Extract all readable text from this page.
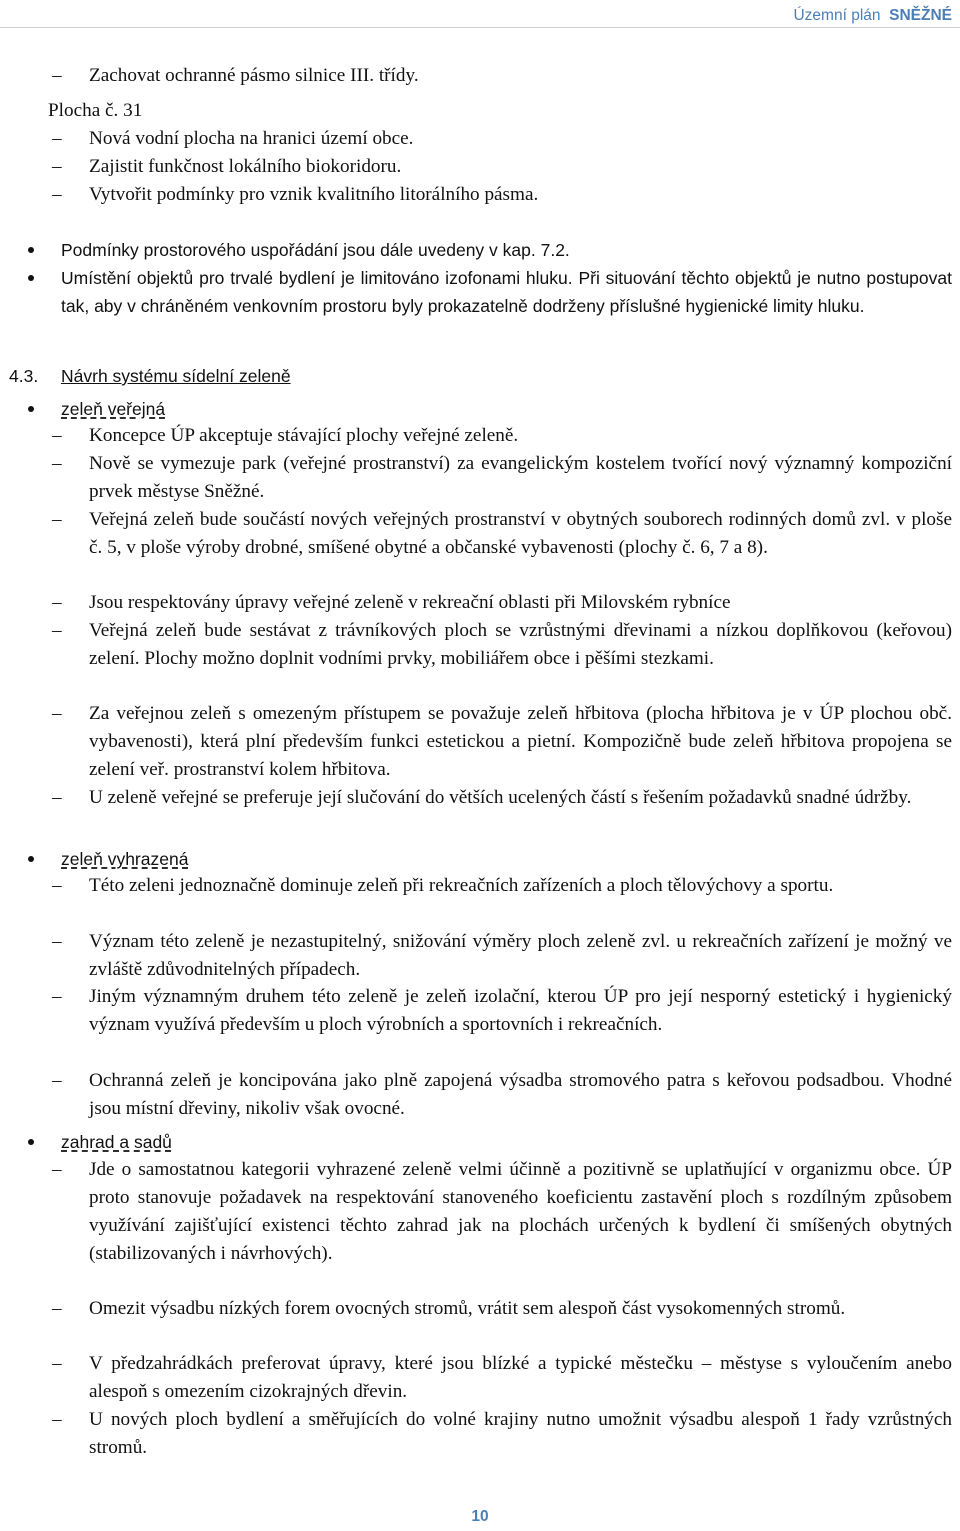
Územní plán SNĚŽNÉ
– Zachovat ochranné pásmo silnice III. třídy.
Plocha č. 31
– Nová vodní plocha na hranici území obce.
– Zajistit funkčnost lokálního biokoridoru.
– Vytvořit podmínky pro vznik kvalitního litorálního pásma.
Podmínky prostorového uspořádání jsou dále uvedeny v kap. 7.2.
Umístění objektů pro trvalé bydlení je limitováno izofonami hluku. Při situování těchto objektů je nutno postupovat tak, aby v chráněném venkovním prostoru byly prokazatelně dodrženy příslušné hygienické limity hluku.
4.3. Návrh systému sídelní zeleně
zeleň veřejná
– Koncepce ÚP akceptuje stávající plochy veřejné zeleně.
– Nově se vymezuje park (veřejné prostranství) za evangelickým kostelem tvořící nový významný kompoziční prvek městyse Sněžné.
– Veřejná zeleň bude součástí nových veřejných prostranství v obytných souborech rodinných domů zvl. v ploše č. 5, v ploše výroby drobné, smíšené obytné a občanské vybavenosti (plochy č. 6, 7 a 8).
– Jsou respektovány úpravy veřejné zeleně v rekreační oblasti při Milovském rybníce
– Veřejná zeleň bude sestávat z trávníkových ploch se vzrůstnými dřevinami a nízkou doplňkovou (keřovou) zelení. Plochy možno doplnit vodními prvky, mobiliářem obce i pěšími stezkami.
– Za veřejnou zeleň s omezeným přístupem se považuje zeleň hřbitova (plocha hřbitova je v ÚP plochou obč. vybavenosti), která plní především funkci estetickou a pietní. Kompozičně bude zeleň hřbitova propojena se zelení veř. prostranství kolem hřbitova.
– U zeleně veřejné se preferuje její slučování do větších ucelených částí s řešením požadavků snadné údržby.
zeleň vyhrazená
– Této zeleni jednoznačně dominuje zeleň při rekreačních zařízeních a ploch tělovýchovy a sportu.
– Význam této zeleně je nezastupitelný, snižování výměry ploch zeleně zvl. u rekreačních zařízení je možný ve zvláště zdůvodnitelných případech.
– Jiným významným druhem této zeleně je zeleň izolační, kterou ÚP pro její nesporný estetický i hygienický význam využívá především u ploch výrobních a sportovních i rekreačních.
– Ochranná zeleň je koncipována jako plně zapojená výsadba stromového patra s keřovou podsadbou. Vhodné jsou místní dřeviny, nikoliv však ovocné.
zahrad a sadů
– Jde o samostatnou kategorii vyhrazené zeleně velmi účinně a pozitivně se uplatňující v organizmu obce. ÚP proto stanovuje požadavek na respektování stanoveného koeficientu zastavění ploch s rozdílným způsobem využívání zajišťující existenci těchto zahrad jak na plochách určených k bydlení či smíšených obytných (stabilizovaných i návrhových).
– Omezit výsadbu nízkých forem ovocných stromů, vrátit sem alespoň část vysokomenných stromů.
– V předzahrádkách preferovat úpravy, které jsou blízké a typické městečku – městyse s vyloučením anebo alespoň s omezením cizokrajných dřevin.
– U nových ploch bydlení a směřujících do volné krajiny nutno umožnit výsadbu alespoň 1 řady vzrůstných stromů.
10
